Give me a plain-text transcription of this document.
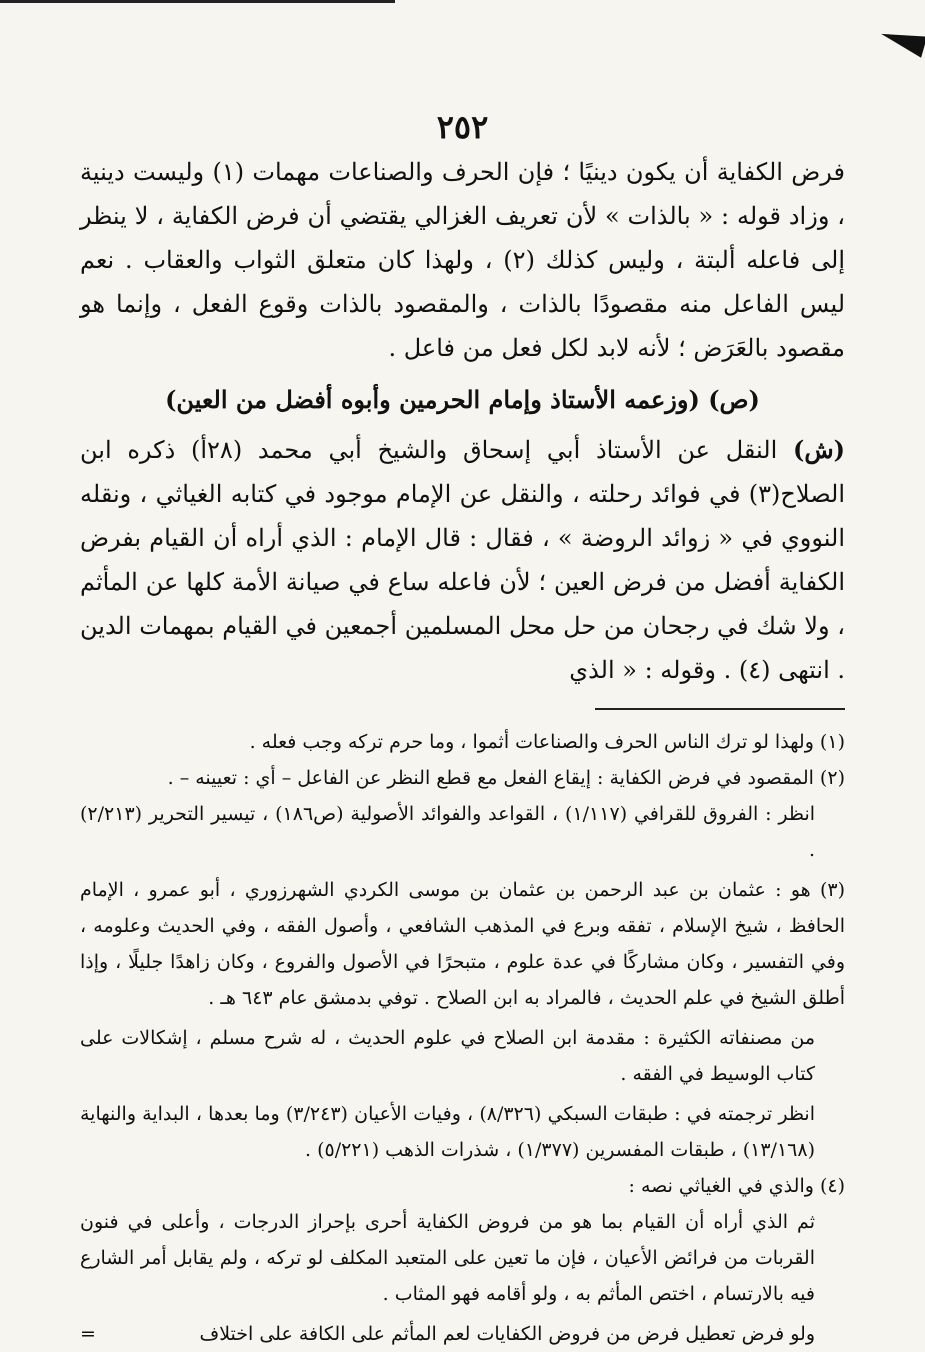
٢٥٢

فرض الكفاية أن يكون دينيًا ؛ فإن الحرف والصناعات مهمات (١) وليست دينية ، وزاد قوله : « بالذات » لأن تعريف الغزالي يقتضي أن فرض الكفاية ، لا ينظر إلى فاعله ألبتة ، وليس كذلك (٢) ، ولهذا كان متعلق الثواب والعقاب . نعم ليس الفاعل منه مقصودًا بالذات ، والمقصود بالذات وقوع الفعل ، وإنما هو مقصود بالعَرَض ؛ لأنه لابد لكل فعل من فاعل .

(ص) (وزعمه الأستاذ وإمام الحرمين وأبوه أفضل من العين)

(ش) النقل عن الأستاذ أبي إسحاق والشيخ أبي محمد (٢٨أ) ذكره ابن الصلاح(٣) في فوائد رحلته ، والنقل عن الإمام موجود في كتابه الغياثي ، ونقله النووي في « زوائد الروضة » ، فقال : قال الإمام : الذي أراه أن القيام بفرض الكفاية أفضل من فرض العين ؛ لأن فاعله ساع في صيانة الأمة كلها عن المأثم ، ولا شك في رجحان من حل محل المسلمين أجمعين في القيام بمهمات الدين . انتهى (٤) . وقوله : « الذي

(١) ولهذا لو ترك الناس الحرف والصناعات أثموا ، وما حرم تركه وجب فعله .

(٢) المقصود في فرض الكفاية : إيقاع الفعل مع قطع النظر عن الفاعل – أي : تعيينه – .

انظر : الفروق للقرافي (١/١١٧) ، القواعد والفوائد الأصولية (ص١٨٦) ، تيسير التحرير (٢/٢١٣) .

(٣) هو : عثمان بن عبد الرحمن بن عثمان بن موسى الكردي الشهرزوري ، أبو عمرو ، الإمام الحافظ ، شيخ الإسلام ، تفقه وبرع في المذهب الشافعي ، وأصول الفقه ، وفي الحديث وعلومه ، وفي التفسير ، وكان مشاركًا في عدة علوم ، متبحرًا في الأصول والفروع ، وكان زاهدًا جليلًا ، وإذا أطلق الشيخ في علم الحديث ، فالمراد به ابن الصلاح . توفي بدمشق عام ٦٤٣ هـ .

من مصنفاته الكثيرة : مقدمة ابن الصلاح في علوم الحديث ، له شرح مسلم ، إشكالات على كتاب الوسيط في الفقه .

انظر ترجمته في : طبقات السبكي (٨/٣٢٦) ، وفيات الأعيان (٣/٢٤٣) وما بعدها ، البداية والنهاية (١٣/١٦٨) ، طبقات المفسرين (١/٣٧٧) ، شذرات الذهب (٥/٢٢١) .

(٤) والذي في الغياثي نصه :

ثم الذي أراه أن القيام بما هو من فروض الكفاية أحرى بإحراز الدرجات ، وأعلى في فنون القربات من فرائض الأعيان ، فإن ما تعين على المتعبد المكلف لو تركه ، ولم يقابل أمر الشارع فيه بالارتسام ، اختص المأثم به ، ولو أقامه فهو المثاب .

ولو فرض تعطيل فرض من فروض الكفايات لعم المأثم على الكافة على اختلاف
=
